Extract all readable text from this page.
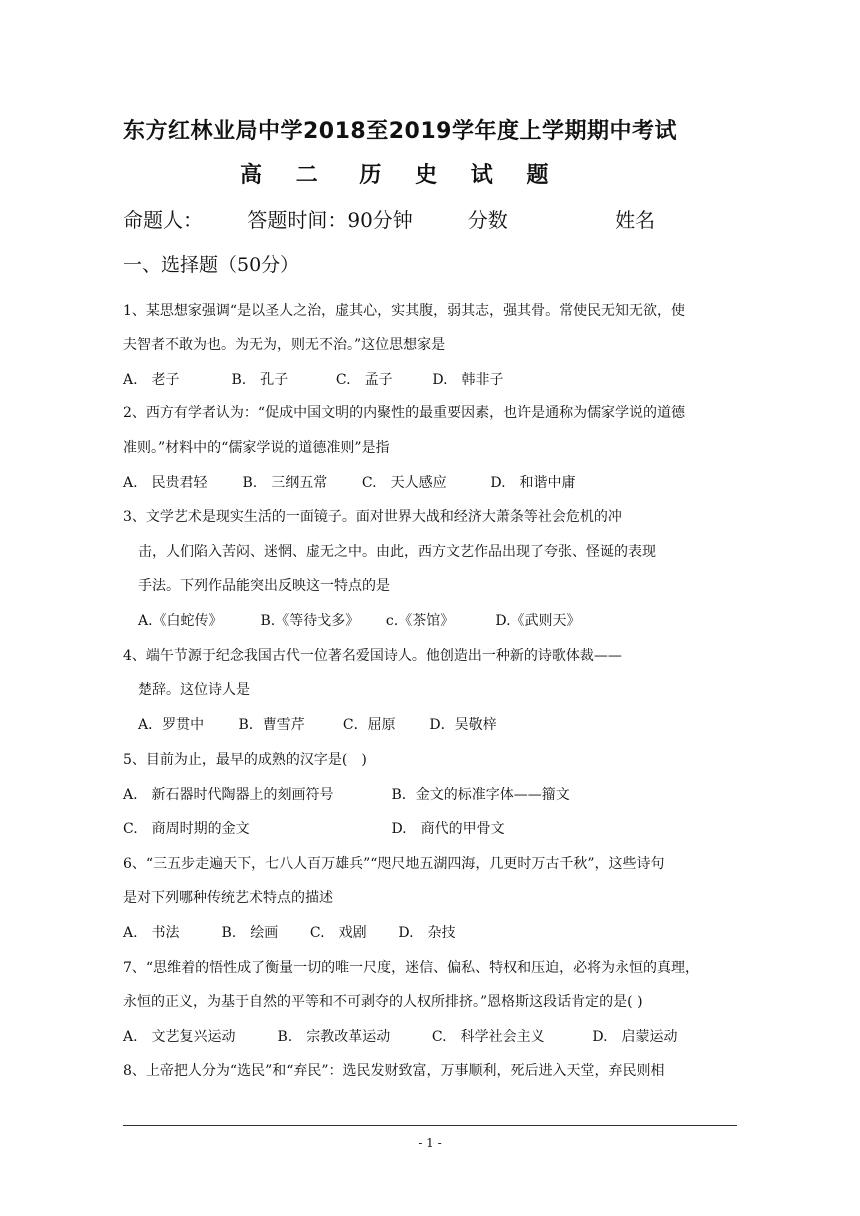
东方红林业局中学2018至2019学年度上学期期中考试
高 二 历 史 试 题
命题人： 答题时间：90分钟	分数	姓名
一、选择题（50分）
1、某思想家强调“是以圣人之治，虚其心，实其腹，弱其志，强其骨。常使民无知无欲，使
夫智者不敢为也。为无为，则无不治。”这位思想家是
A.　老子	B.　孔子	C.　孟子	D.　韩非子
2、西方有学者认为：“促成中国文明的内聚性的最重要因素，也许是通称为儒家学说的道德
准则。”材料中的“儒家学说的道德准则”是指
A.　民贵君轻 B.　三纲五常 C.　天人感应	D.　和谐中庸
3、文学艺术是现实生活的一面镜子。面对世界大战和经济大萧条等社会危机的冲
击，人们陷入苦闷、迷惘、虚无之中。由此，西方文艺作品出现了夸张、怪诞的表现
手法。下列作品能突出反映这一特点的是
A.《白蛇传》	B.《等待戈多》 c.《茶馆》	D.《武则天》
4、端午节源于纪念我国古代一位著名爱国诗人。他创造出一种新的诗歌体裁——
楚辞。这位诗人是
A．罗贯中 B．曹雪芹	C．屈原 D．吴敬梓
5、目前为止，最早的成熟的汉字是(　)
A.　新石器时代陶器上的刻画符号	B．金文的标准字体——籀文
C.　商周时期的金文	D.　商代的甲骨文
6、“三五步走遍天下，七八人百万雄兵”“咫尺地五湖四海，几更时万古千秋”，这些诗句
是对下列哪种传统艺术特点的描述
A.　书法	B.　绘画 C.　戏剧 D.　杂技
7、“思维着的悟性成了衡量一切的唯一尺度，迷信、偏私、特权和压迫，必将为永恒的真理，
永恒的正义，为基于自然的平等和不可剥夺的人权所排挤。”恩格斯这段话肯定的是( )
A.　文艺复兴运动	B.　宗教改革运动	C.　科学社会主义	D.　启蒙运动
8、上帝把人分为“选民”和“弃民”：选民发财致富，万事顺利，死后进入天堂，弃民则相
- 1 -
